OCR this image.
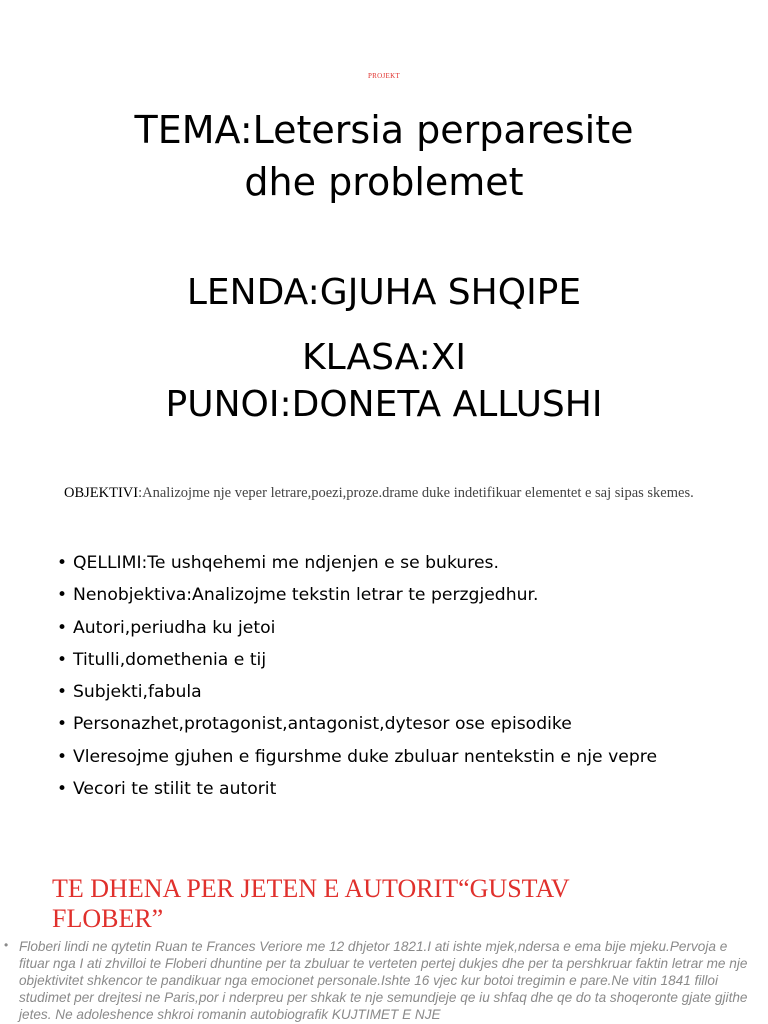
PROJEKT
TEMA:Letersia perparesite
dhe problemet
LENDA:GJUHA SHQIPE
KLASA:XI
PUNOI:DONETA ALLUSHI
OBJEKTIVI:Analizojme nje veper letrare,poezi,proze.drame duke indetifikuar elementet e saj sipas skemes.
• QELLIMI:Te ushqehemi me ndjenjen e se bukures.
• Nenobjektiva:Analizojme tekstin letrar te perzgjedhur.
• Autori,periudha ku jetoi
• Titulli,domethenia e tij
• Subjekti,fabula
• Personazhet,protagonist,antagonist,dytesor ose episodike
• Vleresojme gjuhen e figurshme duke zbuluar nentekstin e nje vepre
• Vecori te stilit te autorit
TE DHENA PER JETEN E AUTORIT“GUSTAV
FLOBER”
• Floberi lindi ne qytetin Ruan te Frances Veriore me 12 dhjetor 1821.I ati ishte mjek,ndersa e ema bije mjeku.Pervoja e fituar nga I ati zhvilloi te Floberi dhuntine per ta zbuluar te verteten pertej dukjes dhe per ta pershkruar faktin letrar me nje objektivitet shkencor te pandikuar nga emocionet personale.Ishte 16 vjec kur botoi tregimin e pare.Ne vitin 1841 filloi studimet per drejtesi ne Paris,por i nderpreu per shkak te nje semundjeje qe iu shfaq dhe qe do ta shoqeronte gjate gjithe jetes. Ne adoleshence shkroi romanin autobiografik KUJTIMET E NJE
